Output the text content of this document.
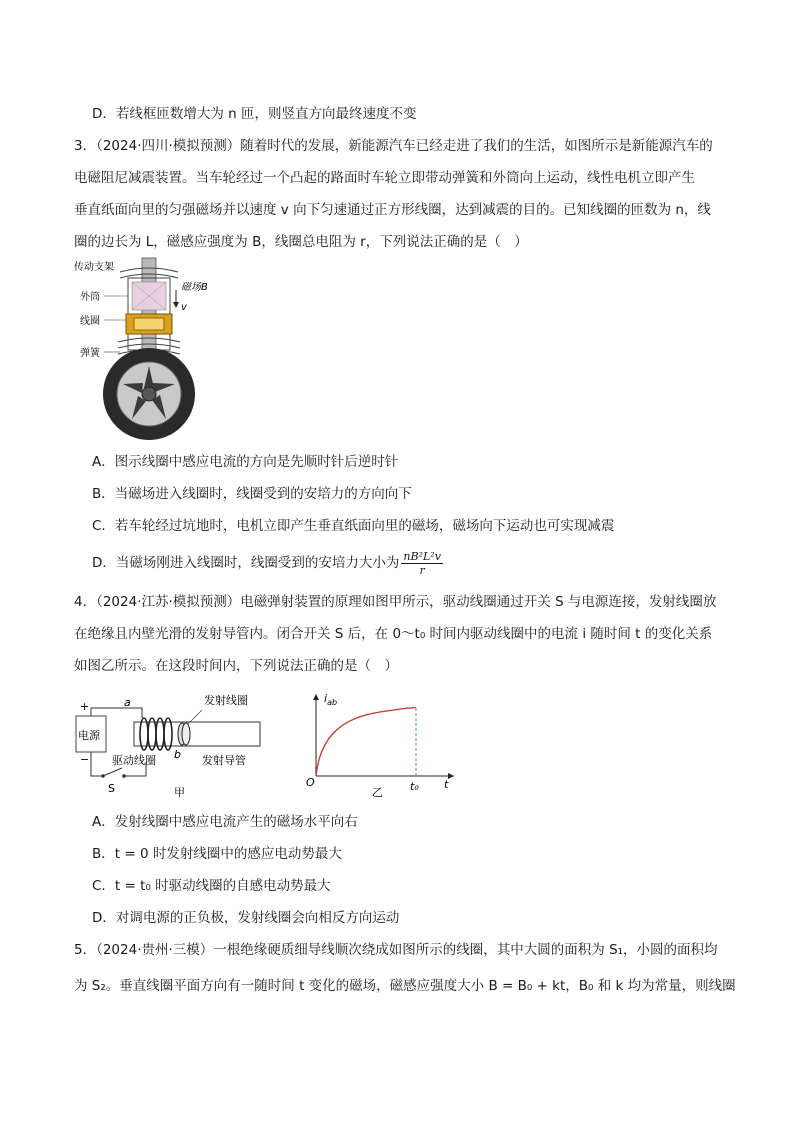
D．若线框匝数增大为 n 匝，则竖直方向最终速度不变
3．（2024·四川·模拟预测）随着时代的发展，新能源汽车已经走进了我们的生活，如图所示是新能源汽车的
电磁阻尼减震装置。当车轮经过一个凸起的路面时车轮立即带动弹簧和外筒向上运动，线性电机立即产生
垂直纸面向里的匀强磁场并以速度 v 向下匀速通过正方形线圈，达到减震的目的。已知线圈的匝数为 n，线
圈的边长为 L，磁感应强度为 B，线圈总电阻为 r，下列说法正确的是（　）
传动支架
磁场B
v
外筒
线圈
弹簧
A．图示线圈中感应电流的方向是先顺时针后逆时针
B．当磁场进入线圈时，线圈受到的安培力的方向向下
C．若车轮经过坑地时，电机立即产生垂直纸面向里的磁场，磁场向下运动也可实现减震
D．当磁场刚进入线圈时，线圈受到的安培力大小为 $\frac{\text{nB²L²v}}{r}$
4．（2024·江苏·模拟预测）电磁弹射装置的原理如图甲所示，驱动线圈通过开关 S 与电源连接，发射线圈放
在绝缘且内壁光滑的发射导管内。闭合开关 S 后，在 0～t₀ 时间内驱动线圈中的电流 i 随时间 t 的变化关系
如图乙所示。在这段时间内，下列说法正确的是（　）
+
电源
−
S
a	发射线圈
b
驱动线圈	发射导管
甲
$i_{ab}$
O	t₀ t
乙
A．发射线圈中感应电流产生的磁场水平向右
B．t = 0 时发射线圈中的感应电动势最大
C．t = t₀ 时驱动线圈的自感电动势最大
D．对调电源的正负极，发射线圈会向相反方向运动
5．（2024·贵州·三模）一根绝缘硬质细导线顺次绕成如图所示的线圈，其中大圆的面积为 S₁，小圆的面积均
为 S₂。垂直线圈平面方向有一随时间 t 变化的磁场，磁感应强度大小 B = B₀ + kt，B₀ 和 k 均为常量，则线圈
